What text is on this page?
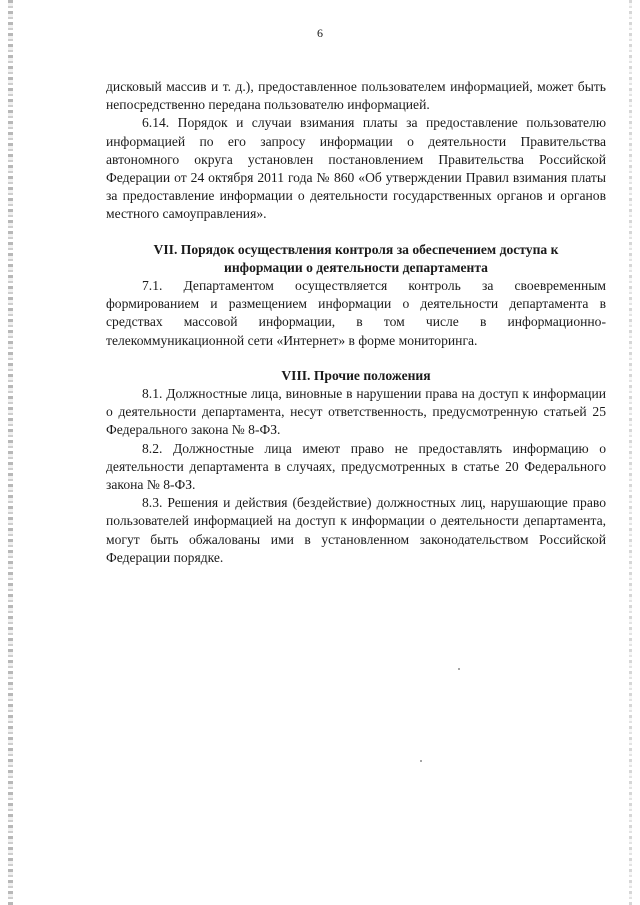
6

дисковый массив и т. д.), предоставленное пользователем информацией, может быть непосредственно передана пользователю информацией.

6.14. Порядок и случаи взимания платы за предоставление пользователю информацией по его запросу информации о деятельности Правительства автономного округа установлен постановлением Правительства Российской Федерации от 24 октября 2011 года № 860 «Об утверждении Правил взимания платы за предоставление информации о деятельности государственных органов и органов местного самоуправления».

VII. Порядок осуществления контроля за обеспечением доступа к
информации о деятельности департамента

7.1. Департаментом осуществляется контроль за своевременным формированием и размещением информации о деятельности департамента в средствах массовой информации, в том числе в информационно-телекоммуникационной сети «Интернет» в форме мониторинга.

VIII. Прочие положения

8.1. Должностные лица, виновные в нарушении права на доступ к информации о деятельности департамента, несут ответственность, предусмотренную статьей 25 Федерального закона № 8-ФЗ.

8.2. Должностные лица имеют право не предоставлять информацию о деятельности департамента в случаях, предусмотренных в статье 20 Федерального закона № 8-ФЗ.

8.3. Решения и действия (бездействие) должностных лиц, нарушающие право пользователей информацией на доступ к информации о деятельности департамента, могут быть обжалованы ими в установленном законодательством Российской Федерации порядке.
